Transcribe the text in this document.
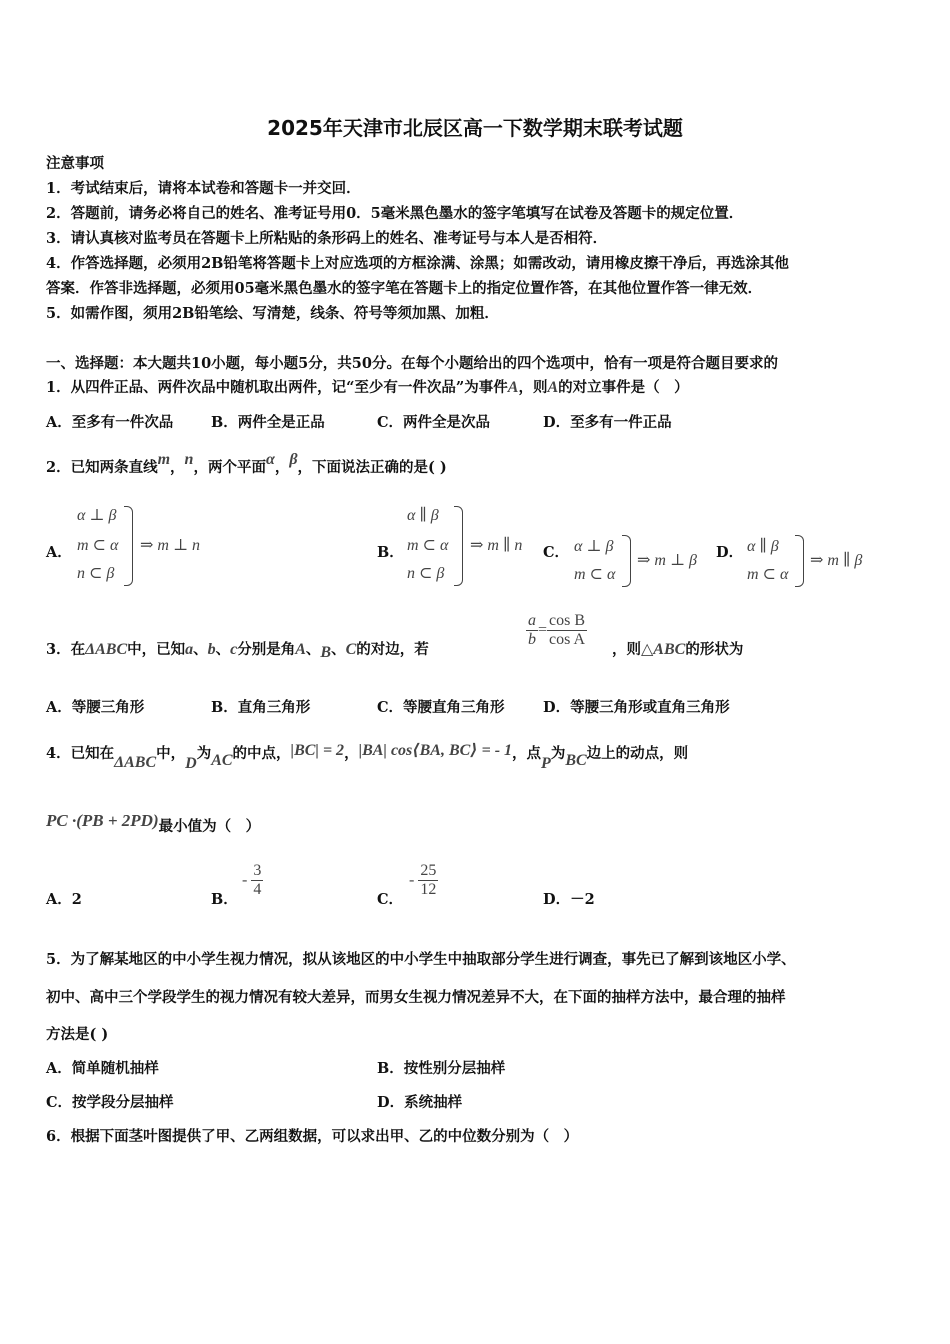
2025年天津市北辰区高一下数学期末联考试题
注意事项
1．考试结束后，请将本试卷和答题卡一并交回．
2．答题前，请务必将自己的姓名、准考证号用0．5毫米黑色墨水的签字笔填写在试卷及答题卡的规定位置．
3．请认真核对监考员在答题卡上所粘贴的条形码上的姓名、准考证号与本人是否相符．
4．作答选择题，必须用2B铅笔将答题卡上对应选项的方框涂满、涂黑；如需改动，请用橡皮擦干净后，再选涂其他
答案．作答非选择题，必须用05毫米黑色墨水的签字笔在答题卡上的指定位置作答，在其他位置作答一律无效．
5．如需作图，须用2B铅笔绘、写清楚，线条、符号等须加黑、加粗．
一、选择题：本大题共10小题，每小题5分，共50分。在每个小题给出的四个选项中，恰有一项是符合题目要求的
1．从四件正品、两件次品中随机取出两件，记“至少有一件次品”为事件A，则A的对立事件是（　）
A．至多有一件次品	B．两件全是正品	C．两件全是次品	D．至多有一件正品
2．已知两条直线m，n，两个平面α，β，下面说法正确的是( )
A．
α ⊥ β
m ⊂ α
n ⊂ β
⇒ m ⊥ n	B．
α ∥ β
m ⊂ α
n ⊂ β
⇒ m ∥ n C． α ⊥ β
m ⊂ α
⇒ m ⊥ β D． α ∥ β
m ⊂ α
⇒ m ∥ β
3．在ΔABC中，已知a、b、c分别是角A、B、C的对边，若
$\frac{a}{b} = \frac{\text{cos B}}{\text{cos A}}$
，则△ABC的形状为
A．等腰三角形	B．直角三角形	C．等腰直角三角形	D．等腰三角形或直角三角形
4．已知在ΔABC中，D为AC的中点，|BC| = 2，|BA| cos⟨BA, BC⟩ = - 1，点P为BC边上的动点，则
PC ·(PB + 2PD)最小值为（　）
A．2	B．
- $\frac{3}{4}$
C．
- $\frac{25}{12}$
D．－2
5．为了解某地区的中小学生视力情况，拟从该地区的中小学生中抽取部分学生进行调查，事先已了解到该地区小学、
初中、高中三个学段学生的视力情况有较大差异，而男女生视力情况差异不大，在下面的抽样方法中，最合理的抽样
方法是( )
A．简单随机抽样	B．按性别分层抽样
C．按学段分层抽样	D．系统抽样
6．根据下面茎叶图提供了甲、乙两组数据，可以求出甲、乙的中位数分别为（　）
